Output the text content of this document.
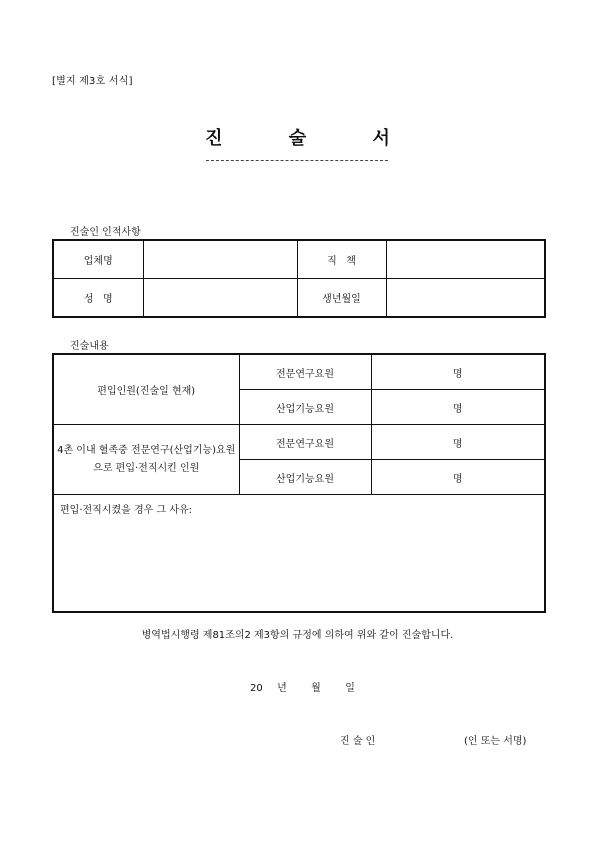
[별지 제3호 서식]
진 술 서
진술인 인적사항
업체명		직   책	
성   명		생년월일	
진술내용
편입인원(진술일 현재)	전문연구요원	명
	산업기능요원	명
4촌 이내 혈족중 전문연구(산업기능)요원으로 편입·전직시킨 인원	전문연구요원	명
	산업기능요원	명
편입·전직시켰을 경우 그 사유:		
병역법시행령 제81조의2 제3항의 규정에 의하여 위와 같이 진술합니다.
20 년 월 일
진 술 인	(인 또는 서명)
